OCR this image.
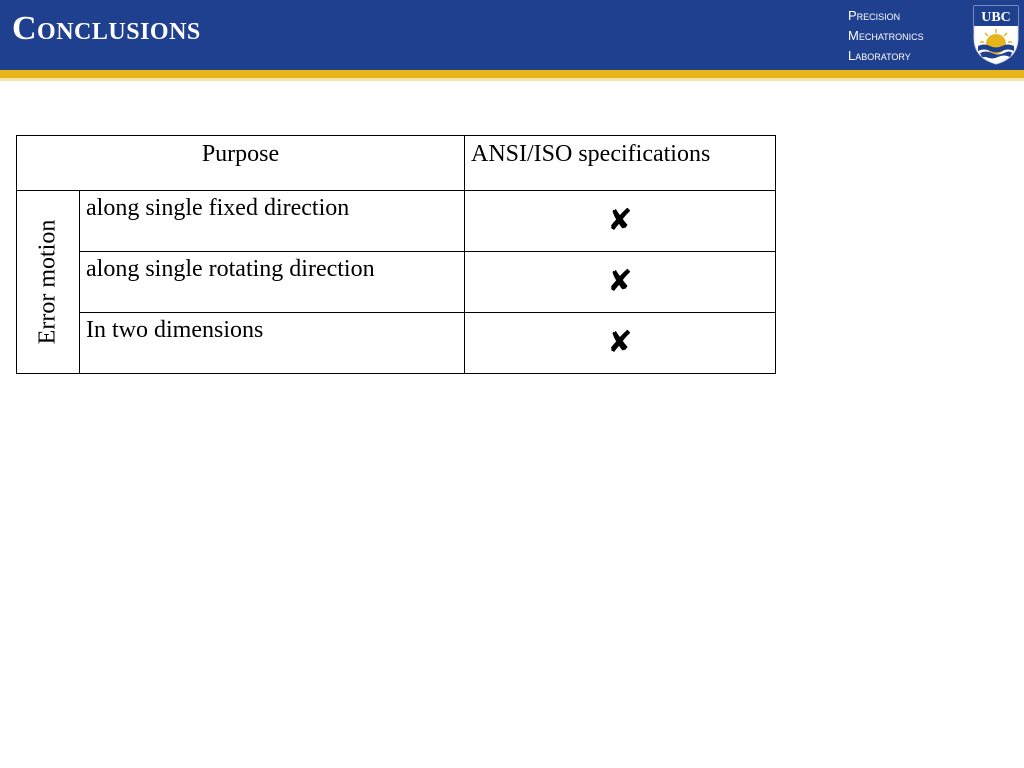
Conclusions	Precision
Mechatronics
Laboratory
UBC
Purpose		ANSI/ISO specifications

Error motion	along single fixed direction	✘

	along single rotating direction	✘

	In two dimensions	✘
